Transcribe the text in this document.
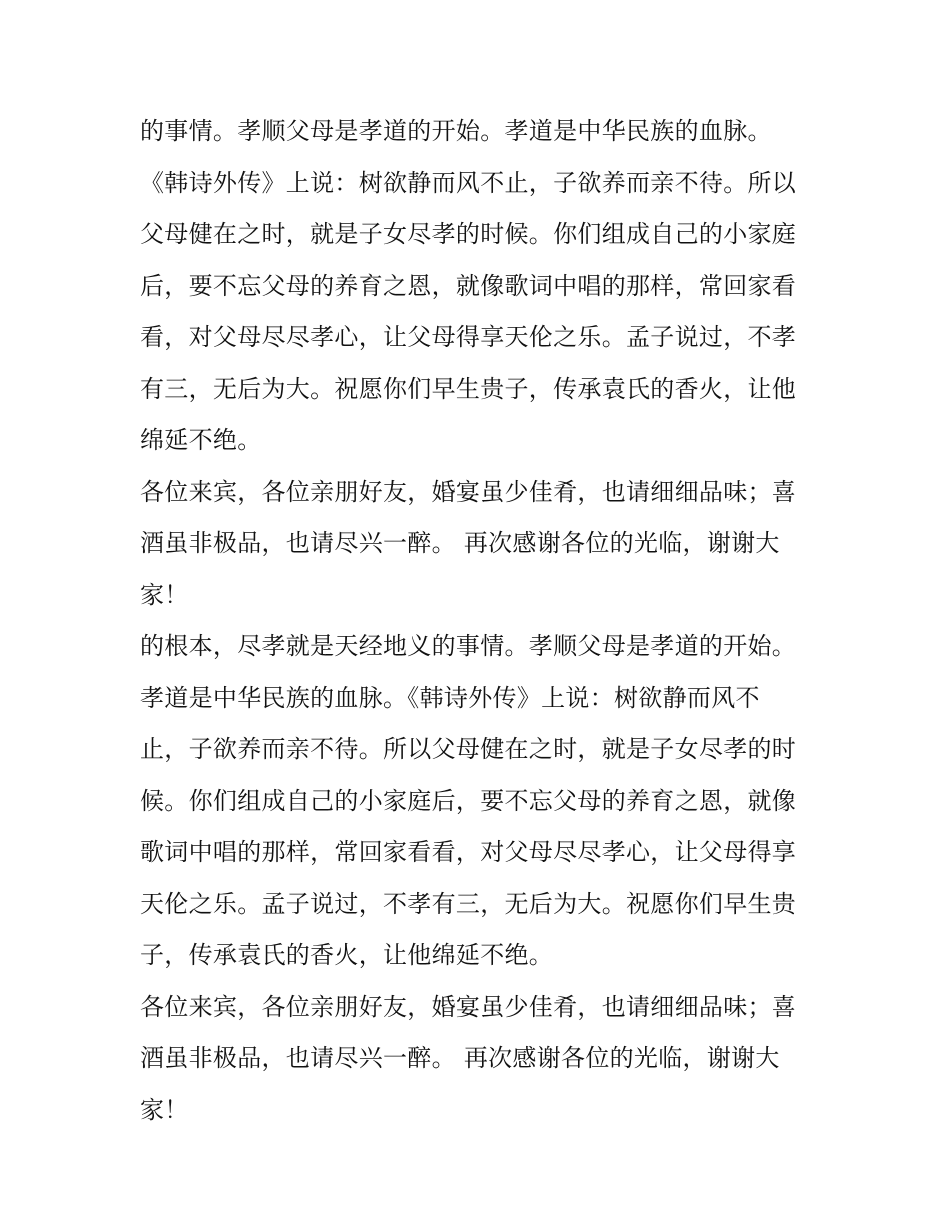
的事情。孝顺父母是孝道的开始。孝道是中华民族的血脉。
《韩诗外传》上说：树欲静而风不止，子欲养而亲不待。所以
父母健在之时，就是子女尽孝的时候。你们组成自己的小家庭
后，要不忘父母的养育之恩，就像歌词中唱的那样，常回家看
看，对父母尽尽孝心，让父母得享天伦之乐。孟子说过，不孝
有三，无后为大。祝愿你们早生贵子，传承袁氏的香火，让他
绵延不绝。
各位来宾，各位亲朋好友，婚宴虽少佳肴，也请细细品味；喜
酒虽非极品，也请尽兴一醉。 再次感谢各位的光临，谢谢大
家！
的根本，尽孝就是天经地义的事情。孝顺父母是孝道的开始。
孝道是中华民族的血脉。《韩诗外传》上说：树欲静而风不
止，子欲养而亲不待。所以父母健在之时，就是子女尽孝的时
候。你们组成自己的小家庭后，要不忘父母的养育之恩，就像
歌词中唱的那样，常回家看看，对父母尽尽孝心，让父母得享
天伦之乐。孟子说过，不孝有三，无后为大。祝愿你们早生贵
子，传承袁氏的香火，让他绵延不绝。
各位来宾，各位亲朋好友，婚宴虽少佳肴，也请细细品味；喜
酒虽非极品，也请尽兴一醉。 再次感谢各位的光临，谢谢大
家！
